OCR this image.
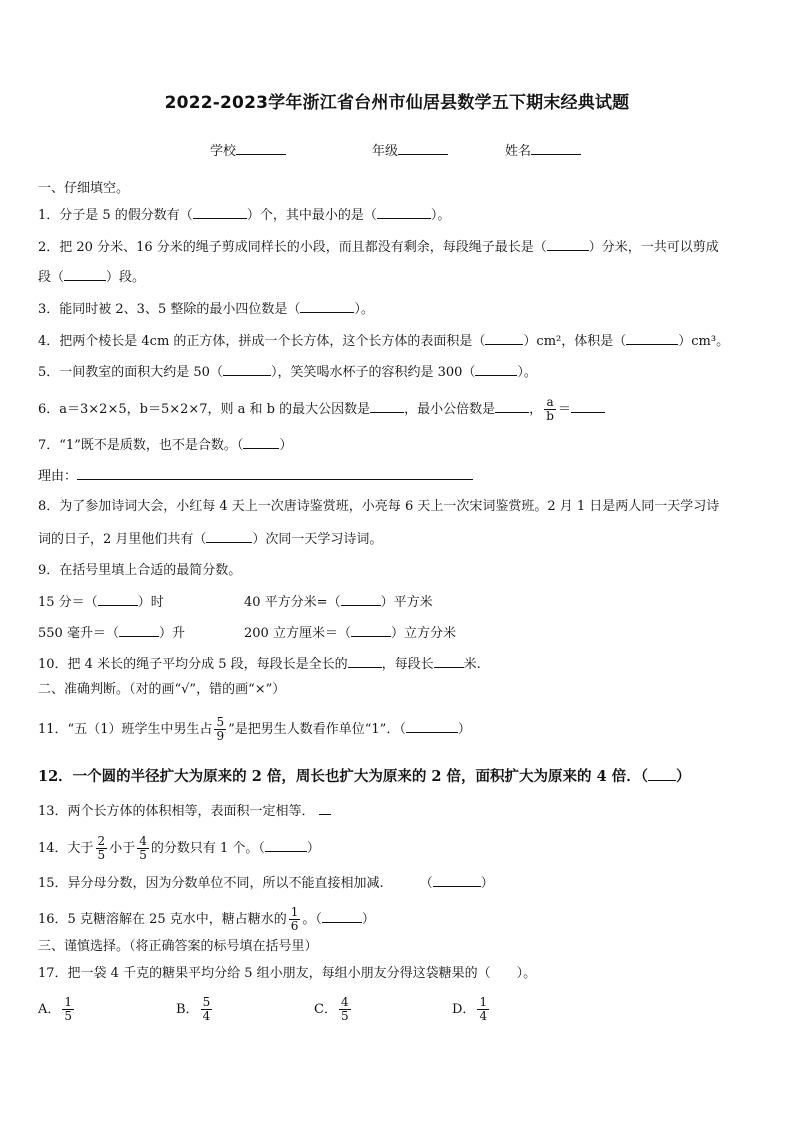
2022-2023学年浙江省台州市仙居县数学五下期末经典试题
学校	年级	姓名
一、仔细填空。
1．分子是 5 的假分数有（	）个，其中最小的是（	）。
2．把 20 分米、16 分米的绳子剪成同样长的小段，而且都没有剩余，每段绳子最长是（	）分米，一共可以剪成
段（	）段。
3．能同时被 2、3、5 整除的最小四位数是（	）。
4．把两个棱长是 4cm 的正方体，拼成一个长方体，这个长方体的表面积是（	）cm²，体积是（	）cm³。
5．一间教室的面积大约是 50（	），笑笑喝水杯子的容积约是 300（	）。
6．a＝3×2×5，b＝5×2×7，则 a 和 b 的最大公因数是	，最小公倍数是	， $\frac{a}{b}$ ＝
7．“1”既不是质数，也不是合数。（	）
理由：
8．为了参加诗词大会，小红每 4 天上一次唐诗鉴赏班，小亮每 6 天上一次宋词鉴赏班。2 月 1 日是两人同一天学习诗
词的日子，2 月里他们共有（	）次同一天学习诗词。
9．在括号里填上合适的最简分数。
15 分＝（	）时	40 平方分米=（	）平方米
550 毫升＝（	）升	200 立方厘米＝（	）立方分米
10．把 4 米长的绳子平均分成 5 段，每段长是全长的	，每段长 米.
二、准确判断。（对的画“√”，错的画“×”）
11．“五（1）班学生中男生占 $\frac{5}{9}$ ”是把男生人数看作单位“1”．（	）
12．一个圆的半径扩大为原来的 2 倍，周长也扩大为原来的 2 倍，面积扩大为原来的 4 倍．（ ）
13．两个长方体的体积相等，表面积一定相等．
14．大于 $\frac{2}{5}$ 小于 $\frac{4}{5}$ 的分数只有 1 个。（	）
15．异分母分数，因为分数单位不同，所以不能直接相加减.	（	）
16．5 克糖溶解在 25 克水中，糖占糖水的 $\frac{1}{6}$ 。（	）
三、谨慎选择。（将正确答案的标号填在括号里）
17．把一袋 4 千克的糖果平均分给 5 组小朋友，每组小朋友分得这袋糖果的（　　）。
A． $\frac{1}{5}$	B． $\frac{5}{4}$	C． $\frac{4}{5}$	D． $\frac{1}{4}$
